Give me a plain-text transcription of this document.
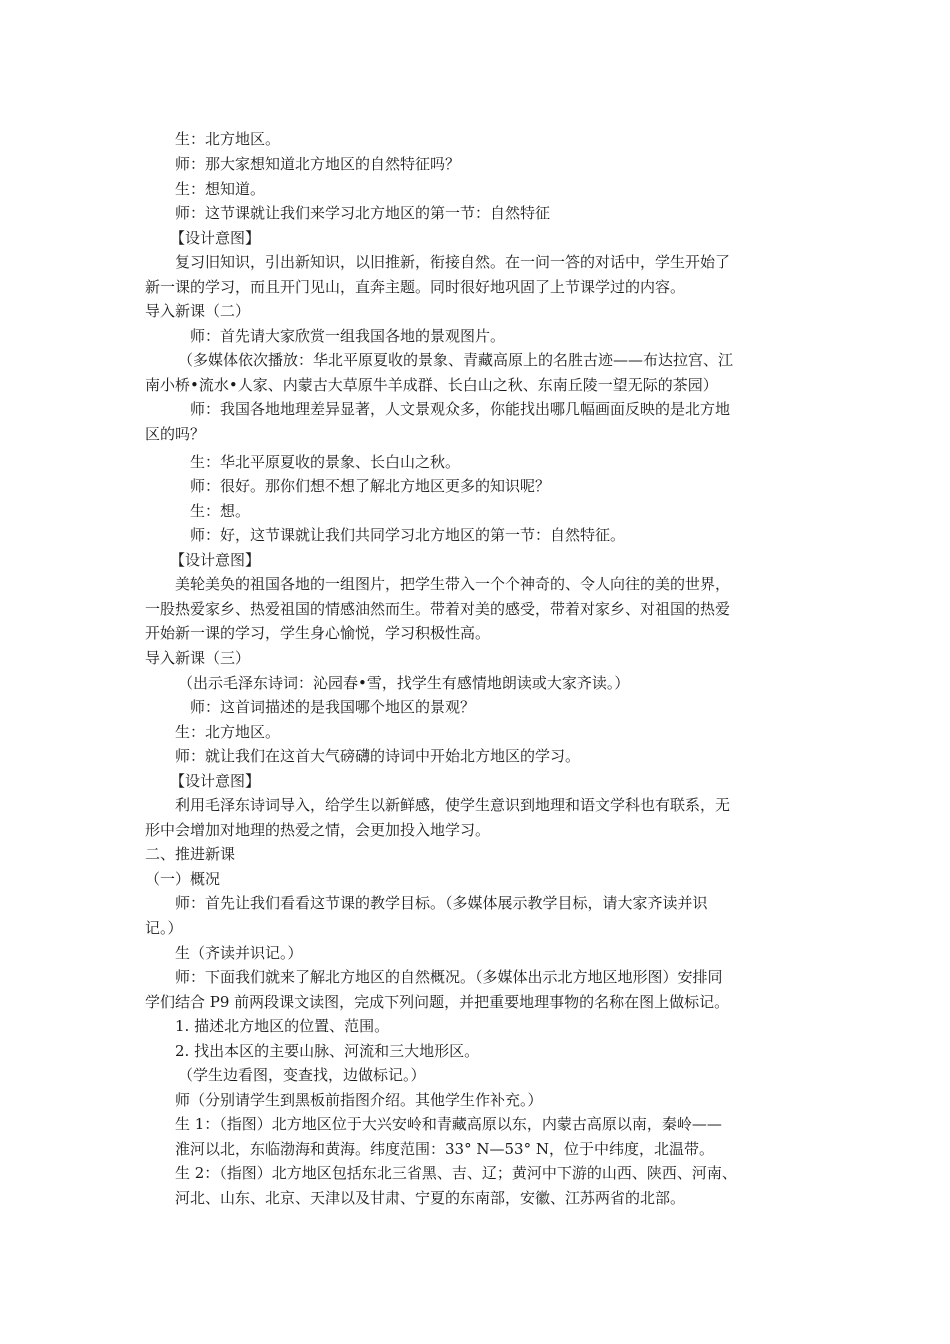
生：北方地区。
师：那大家想知道北方地区的自然特征吗？
生：想知道。
师：这节课就让我们来学习北方地区的第一节：自然特征
【设计意图】
复习旧知识，引出新知识，以旧推新，衔接自然。在一问一答的对话中，学生开始了
新一课的学习，而且开门见山，直奔主题。同时很好地巩固了上节课学过的内容。
导入新课（二）
师：首先请大家欣赏一组我国各地的景观图片。
（多媒体依次播放：华北平原夏收的景象、青藏高原上的名胜古迹——布达拉宫、江
南小桥•流水•人家、内蒙古大草原牛羊成群、长白山之秋、东南丘陵一望无际的茶园）
师：我国各地地理差异显著，人文景观众多，你能找出哪几幅画面反映的是北方地
区的吗？
生：华北平原夏收的景象、长白山之秋。
师：很好。那你们想不想了解北方地区更多的知识呢？
生：想。
师：好，这节课就让我们共同学习北方地区的第一节：自然特征。
【设计意图】
美轮美奂的祖国各地的一组图片，把学生带入一个个神奇的、令人向往的美的世界，
一股热爱家乡、热爱祖国的情感油然而生。带着对美的感受，带着对家乡、对祖国的热爱
开始新一课的学习，学生身心愉悦，学习积极性高。
导入新课（三）
（出示毛泽东诗词：沁园春•雪，找学生有感情地朗读或大家齐读。）
师：这首词描述的是我国哪个地区的景观？
生：北方地区。
师：就让我们在这首大气磅礴的诗词中开始北方地区的学习。
【设计意图】
利用毛泽东诗词导入，给学生以新鲜感，使学生意识到地理和语文学科也有联系，无
形中会增加对地理的热爱之情，会更加投入地学习。
二、推进新课
（一）概况
师：首先让我们看看这节课的教学目标。（多媒体展示教学目标，请大家齐读并识
记。）
生（齐读并识记。）
师：下面我们就来了解北方地区的自然概况。（多媒体出示北方地区地形图）安排同
学们结合 P9 前两段课文读图，完成下列问题，并把重要地理事物的名称在图上做标记。
1. 描述北方地区的位置、范围。
2. 找出本区的主要山脉、河流和三大地形区。
（学生边看图，变查找，边做标记。）
师（分别请学生到黑板前指图介绍。其他学生作补充。）
生 1：（指图）北方地区位于大兴安岭和青藏高原以东，内蒙古高原以南，秦岭——
淮河以北，东临渤海和黄海。纬度范围：33° N—53° N，位于中纬度，北温带。
生 2：（指图）北方地区包括东北三省黑、吉、辽；黄河中下游的山西、陕西、河南、
河北、山东、北京、天津以及甘肃、宁夏的东南部，安徽、江苏两省的北部。
